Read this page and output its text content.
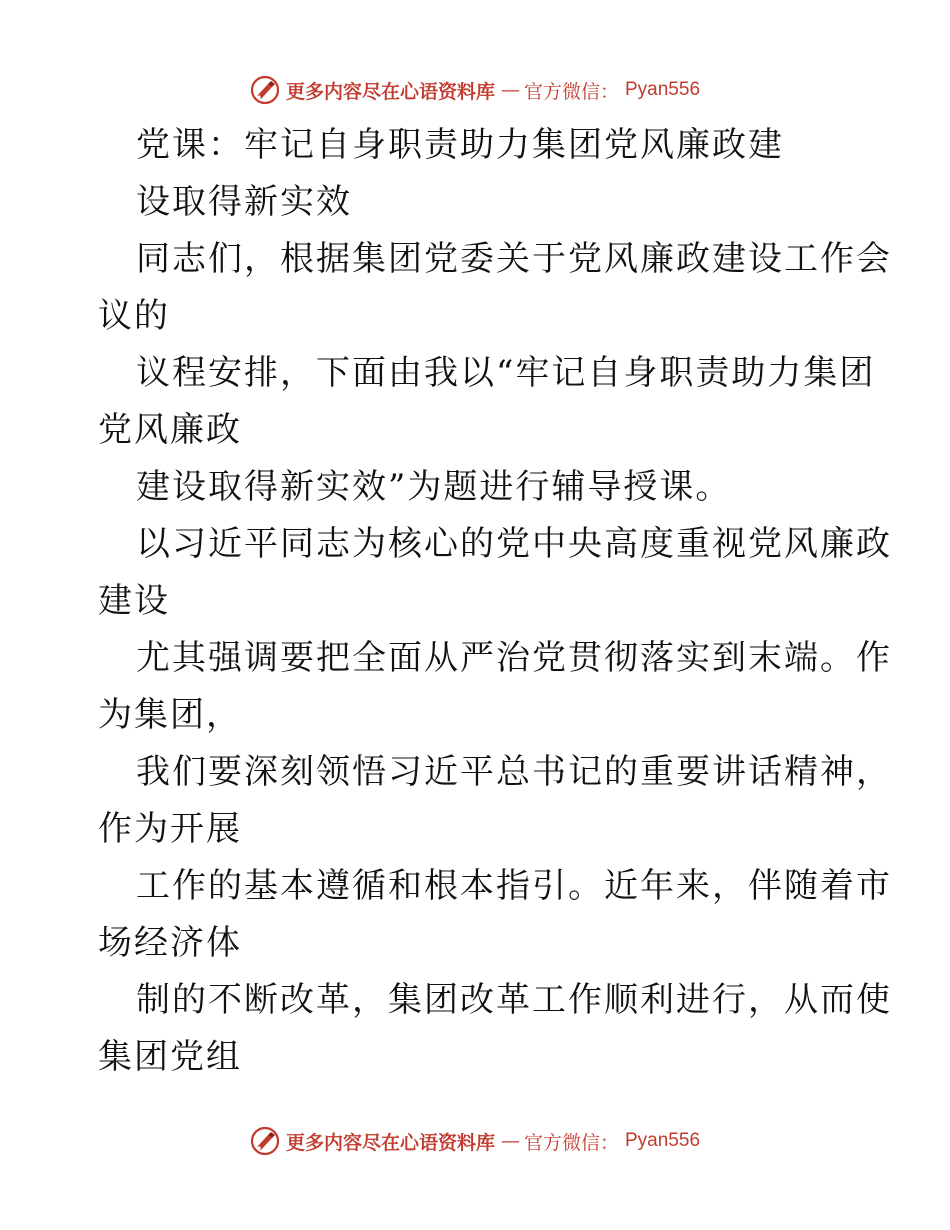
更多内容尽在心语资料库 — 官方微信： Pyan556
党课：牢记自身职责助力集团党风廉政建
设取得新实效
同志们，根据集团党委关于党风廉政建设工作会
议的
议程安排，下面由我以“牢记自身职责助力集团
党风廉政
建设取得新实效”为题进行辅导授课。
以习近平同志为核心的党中央高度重视党风廉政
建设
尤其强调要把全面从严治党贯彻落实到末端。作
为集团，
我们要深刻领悟习近平总书记的重要讲话精神，
作为开展
工作的基本遵循和根本指引。近年来，伴随着市
场经济体
制的不断改革，集团改革工作顺利进行，从而使
集团党组
更多内容尽在心语资料库 — 官方微信： Pyan556
